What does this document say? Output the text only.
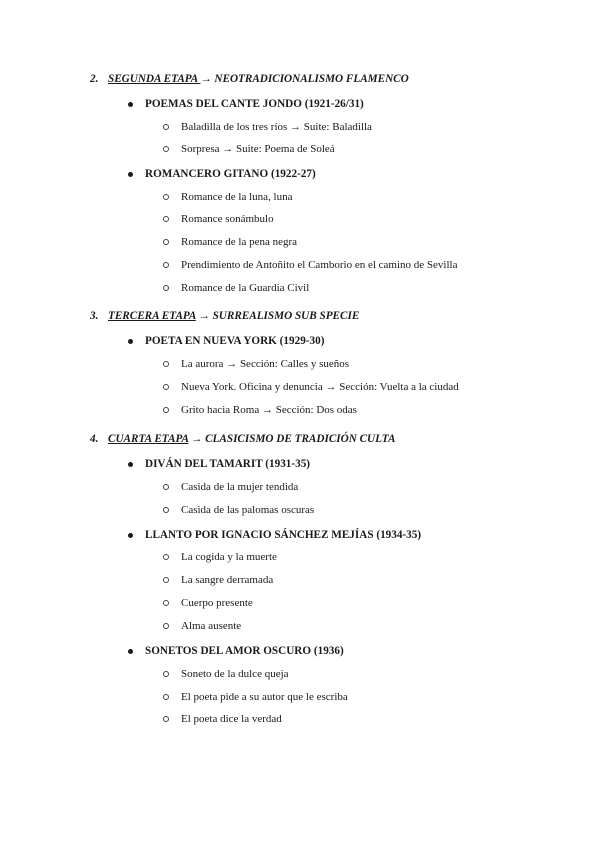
2. SEGUNDA ETAPA → NEOTRADICIONALISMO FLAMENCO
POEMAS DEL CANTE JONDO (1921-26/31)
Baladilla de los tres ríos → Suite: Baladilla
Sorpresa → Suite: Poema de Soleá
ROMANCERO GITANO (1922-27)
Romance de la luna, luna
Romance sonámbulo
Romance de la pena negra
Prendimiento de Antoñito el Camborio en el camino de Sevilla
Romance de la Guardia Civil
3. TERCERA ETAPA → SURREALISMO SUB SPECIE
POETA EN NUEVA YORK (1929-30)
La aurora → Sección: Calles y sueños
Nueva York. Oficina y denuncia → Sección: Vuelta a la ciudad
Grito hacia Roma → Sección: Dos odas
4. CUARTA ETAPA → CLASICISMO DE TRADICIÓN CULTA
DIVÁN DEL TAMARIT (1931-35)
Casida de la mujer tendida
Casida de las palomas oscuras
LLANTO POR IGNACIO SÁNCHEZ MEJÍAS (1934-35)
La cogida y la muerte
La sangre derramada
Cuerpo presente
Alma ausente
SONETOS DEL AMOR OSCURO (1936)
Soneto de la dulce queja
El poeta pide a su autor que le escriba
El poeta dice la verdad
